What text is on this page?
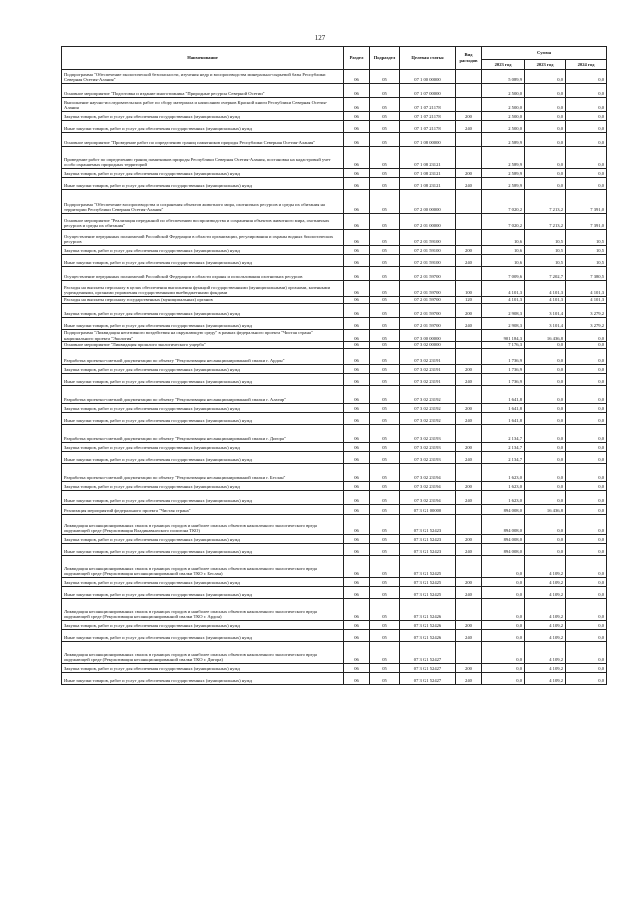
127
Наименование	Раздел	Подраздел	Целевая статья	Вид расходов	Сумма		
					2023 год	2023 год	2024 год
Подпрограмма "Обеспечение экологической безопасности, изучения недр и воспроизводства минерально-сырьевой базы Республики Северная Осетия-Алания"	06	05	07 1 00 00000		5 089,9	0,0	0,0
Основное мероприятие "Подготовка и издание многотомника "Природные ресурсы Северной Осетии"	06	05	07 1 07 00000		2 500,0	0,0	0,0
Выполнение научно-исследовательских работ по сбору материала и написанию очерков Красной книги Республики Северная Осетия-Алания	06	05	07 1 07 21178		2 500,0	0,0	0,0
Закупка товаров, работ и услуг для обеспечения государственных (муниципальных) нужд	06	05	07 1 07 21178	200	2 500,0	0,0	0,0
Иные закупки товаров, работ и услуг для обеспечения государственных (муниципальных) нужд	06	05	07 1 07 21178	240	2 500,0	0,0	0,0
Основное мероприятие "Проведение работ по определению границ памятников природы Республики Северная Осетия-Алания"	06	05	07 1 08 00000		2 589,9	0,0	0,0
Проведение работ по определению границ памятников природы Республики Северная Осетия-Алания, постановка на кадастровый учет особо охраняемых природных территорий	06	05	07 1 08 23121		2 589,9	0,0	0,0
Закупка товаров, работ и услуг для обеспечения государственных (муниципальных) нужд	06	05	07 1 08 23121	200	2 589,9	0,0	0,0
Иные закупки товаров, работ и услуг для обеспечения государственных (муниципальных) нужд	06	05	07 1 08 23121	240	2 589,9	0,0	0,0
Подпрограмма "Обеспечение воспроизводства и сохранения объектов животного мира, охотничьих ресурсов и среды их обитания на территории Республики Северная Осетия-Алания"	06	05	07 2 00 00000		7 020,2	7 213,2	7 391,0
Основное мероприятие "Реализация переданной по обеспечению воспроизводства и сохранения объектов животного мира, охотничьих ресурсов и среды их обитания"	06	05	07 2 01 00000		7 020,2	7 213,2	7 391,0
Осуществление переданных полномочий Российской Федерации в области организации, регулирования и охраны водных биологических ресурсов	06	05	07 2 01 59100		10,6	10,5	10,5
Закупка товаров, работ и услуг для обеспечения государственных (муниципальных) нужд	06	05	07 2 01 59100	200	10,6	10,5	10,5
Иные закупки товаров, работ и услуг для обеспечения государственных (муниципальных) нужд	06	05	07 2 01 59100	240	10,6	10,5	10,5
Осуществление переданных полномочий Российской Федерации в области охраны и использования охотничьих ресурсов	06	05	07 2 01 59700		7 009,6	7 202,7	7 380,5
Расходы на выплаты персоналу в целях обеспечения выполнения функций государственными (муниципальными) органами, казенными учреждениями, органами управления государственными внебюджетными фондами	06	05	07 2 01 59700	100	4 101,3	4 101,3	4 101,3
Расходы на выплаты персоналу государственных (муниципальных) органов	06	05	07 2 01 59700	120	4 101,3	4 101,3	4 101,3
Закупка товаров, работ и услуг для обеспечения государственных (муниципальных) нужд	06	05	07 2 01 59700	200	2 908,3	3 101,4	3 279,2
Иные закупки товаров, работ и услуг для обеспечения государственных (муниципальных) нужд	06	05	07 2 01 59700	240	2 908,3	3 101,4	3 279,2
Подпрограмма "Ликвидация негативного воздействия на окружающую среду" в рамках федерального проекта "Чистая страна" национального проекта "Экология"	06	05	07 3 00 00000		901 184,3	16 436,8	0,0
Основное мероприятие "Ликвидация прошлого экологического ущерба"	06	05	07 3 02 00000		7 176,3	0,0	0,0
Разработка проектно-сметной документации по объекту "Рекультивация несанкционированной свалки г. Ардон"	06	05	07 3 02 23191		1 736,9	0,0	0,0
Закупка товаров, работ и услуг для обеспечения государственных (муниципальных) нужд	06	05	07 3 02 23191	200	1 736,9	0,0	0,0
Иные закупки товаров, работ и услуг для обеспечения государственных (муниципальных) нужд	06	05	07 3 02 23191	240	1 736,9	0,0	0,0
Разработка проектно-сметной документации по объекту "Рекультивация несанкционированной свалки г. Алагир"	06	05	07 3 02 23192		1 641,8	0,0	0,0
Закупка товаров, работ и услуг для обеспечения государственных (муниципальных) нужд	06	05	07 3 02 23192	200	1 641,8	0,0	0,0
Иные закупки товаров, работ и услуг для обеспечения государственных (муниципальных) нужд	06	05	07 3 02 23192	240	1 641,8	0,0	0,0
Разработка проектно-сметной документации по объекту "Рекультивация несанкционированной свалки г. Дигора"	06	05	07 3 02 23193		2 134,7	0,0	0,0
Закупка товаров, работ и услуг для обеспечения государственных (муниципальных) нужд	06	05	07 3 02 23193	200	2 134,7	0,0	0,0
Иные закупки товаров, работ и услуг для обеспечения государственных (муниципальных) нужд	06	05	07 3 02 23193	240	2 134,7	0,0	0,0
Разработка проектно-сметной документации по объекту "Рекультивация несанкционированной свалки г. Беслан"	06	05	07 3 02 23194		1 623,0	0,0	0,0
Закупка товаров, работ и услуг для обеспечения государственных (муниципальных) нужд	06	05	07 3 02 23194	200	1 623,0	0,0	0,0
Иные закупки товаров, работ и услуг для обеспечения государственных (муниципальных) нужд	06	05	07 3 02 23194	240	1 623,0	0,0	0,0
Реализация мероприятий федерального проекта "Чистая страна"	06	05	07 3 G1 00000		894 008,0	16 436,8	0,0
Ликвидация несанкционированных свалок в границах городов и наиболее опасных объектов накопленного экологического вреда окружающей среде (Рекультивация Владикавказского полигона ТКО)	06	05	07 3 G1 52423		894 008,0	0,0	0,0
Закупка товаров, работ и услуг для обеспечения государственных (муниципальных) нужд	06	05	07 3 G1 52423	200	894 008,0	0,0	0,0
Иные закупки товаров, работ и услуг для обеспечения государственных (муниципальных) нужд	06	05	07 3 G1 52423	240	894 008,0	0,0	0,0
Ликвидация несанкционированных свалок в границах городов и наиболее опасных объектов накопленного экологического вреда окружающей среде (Рекультивация несанкционированной свалки ТКО г. Беслан)	06	05	07 3 G1 52425		0,0	4 109,2	0,0
Закупка товаров, работ и услуг для обеспечения государственных (муниципальных) нужд	06	05	07 3 G1 52425	200	0,0	4 109,2	0,0
Иные закупки товаров, работ и услуг для обеспечения государственных (муниципальных) нужд	06	05	07 3 G1 52425	240	0,0	4 109,2	0,0
Ликвидация несанкционированных свалок в границах городов и наиболее опасных объектов накопленного экологического вреда окружающей среде (Рекультивация несанкционированной свалки ТКО г. Ардон)	06	05	07 3 G1 52426		0,0	4 109,2	0,0
Закупка товаров, работ и услуг для обеспечения государственных (муниципальных) нужд	06	05	07 3 G1 52426	200	0,0	4 109,2	0,0
Иные закупки товаров, работ и услуг для обеспечения государственных (муниципальных) нужд	06	05	07 3 G1 52426	240	0,0	4 109,2	0,0
Ликвидация несанкционированных свалок в границах городов и наиболее опасных объектов накопленного экологического вреда окружающей среде (Рекультивация несанкционированной свалки ТКО г. Дигора)	06	05	07 3 G1 52427		0,0	4 109,2	0,0
Закупка товаров, работ и услуг для обеспечения государственных (муниципальных) нужд	06	05	07 3 G1 52427	200	0,0	4 109,2	0,0
Иные закупки товаров, работ и услуг для обеспечения государственных (муниципальных) нужд	06	05	07 3 G1 52427	240	0,0	4 109,2	0,0
